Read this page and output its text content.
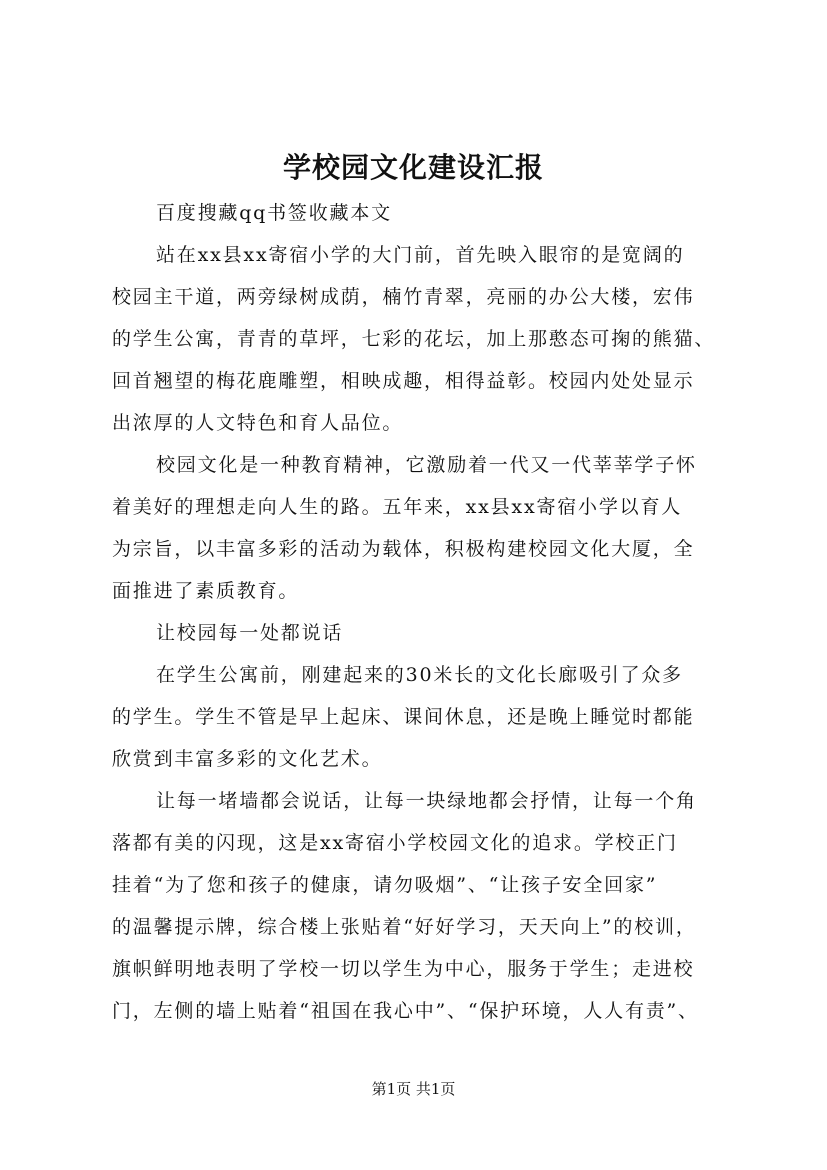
学校园文化建设汇报
百度搜藏qq书签收藏本文
站在xx县xx寄宿小学的大门前，首先映入眼帘的是宽阔的
校园主干道，两旁绿树成荫，楠竹青翠，亮丽的办公大楼，宏伟
的学生公寓，青青的草坪，七彩的花坛，加上那憨态可掬的熊猫、
回首翘望的梅花鹿雕塑，相映成趣，相得益彰。校园内处处显示
出浓厚的人文特色和育人品位。
校园文化是一种教育精神，它激励着一代又一代莘莘学子怀
着美好的理想走向人生的路。五年来，xx县xx寄宿小学以育人
为宗旨，以丰富多彩的活动为载体，积极构建校园文化大厦，全
面推进了素质教育。
让校园每一处都说话
在学生公寓前，刚建起来的30米长的文化长廊吸引了众多
的学生。学生不管是早上起床、课间休息，还是晚上睡觉时都能
欣赏到丰富多彩的文化艺术。
让每一堵墙都会说话，让每一块绿地都会抒情，让每一个角
落都有美的闪现，这是xx寄宿小学校园文化的追求。学校正门
挂着“为了您和孩子的健康，请勿吸烟”、“让孩子安全回家”
的温馨提示牌，综合楼上张贴着“好好学习，天天向上”的校训，
旗帜鲜明地表明了学校一切以学生为中心，服务于学生；走进校
门，左侧的墙上贴着“祖国在我心中”、“保护环境，人人有责”、
第1页 共1页
